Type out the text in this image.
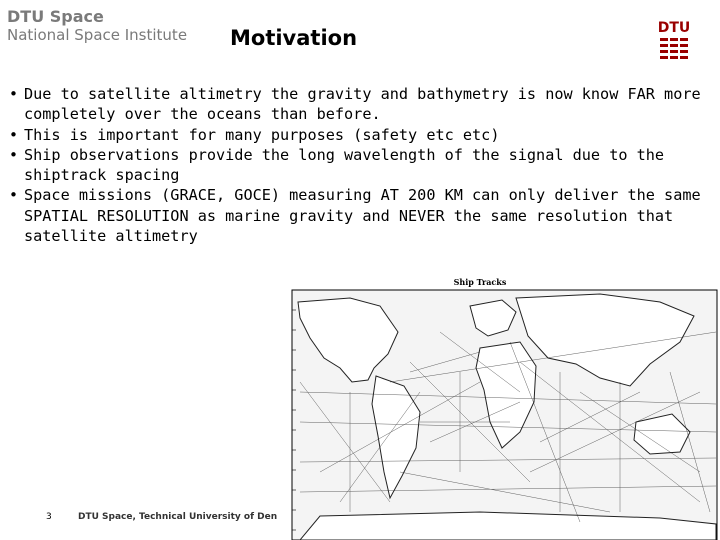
DTU Space
National Space Institute Motivation	DTU
• Due to satellite altimetry the gravity and bathymetry is now know FAR more completely over the oceans than before.
• This is important for many purposes (safety etc etc)
• Ship observations provide the long wavelength of the signal due to the shiptrack spacing
• Space missions (GRACE, GOCE) measuring AT 200 KM can only deliver the same SPATIAL RESOLUTION as marine gravity and NEVER the same resolution that satellite altimetry
Ship Tracks
3	DTU Space, Technical University of Den
